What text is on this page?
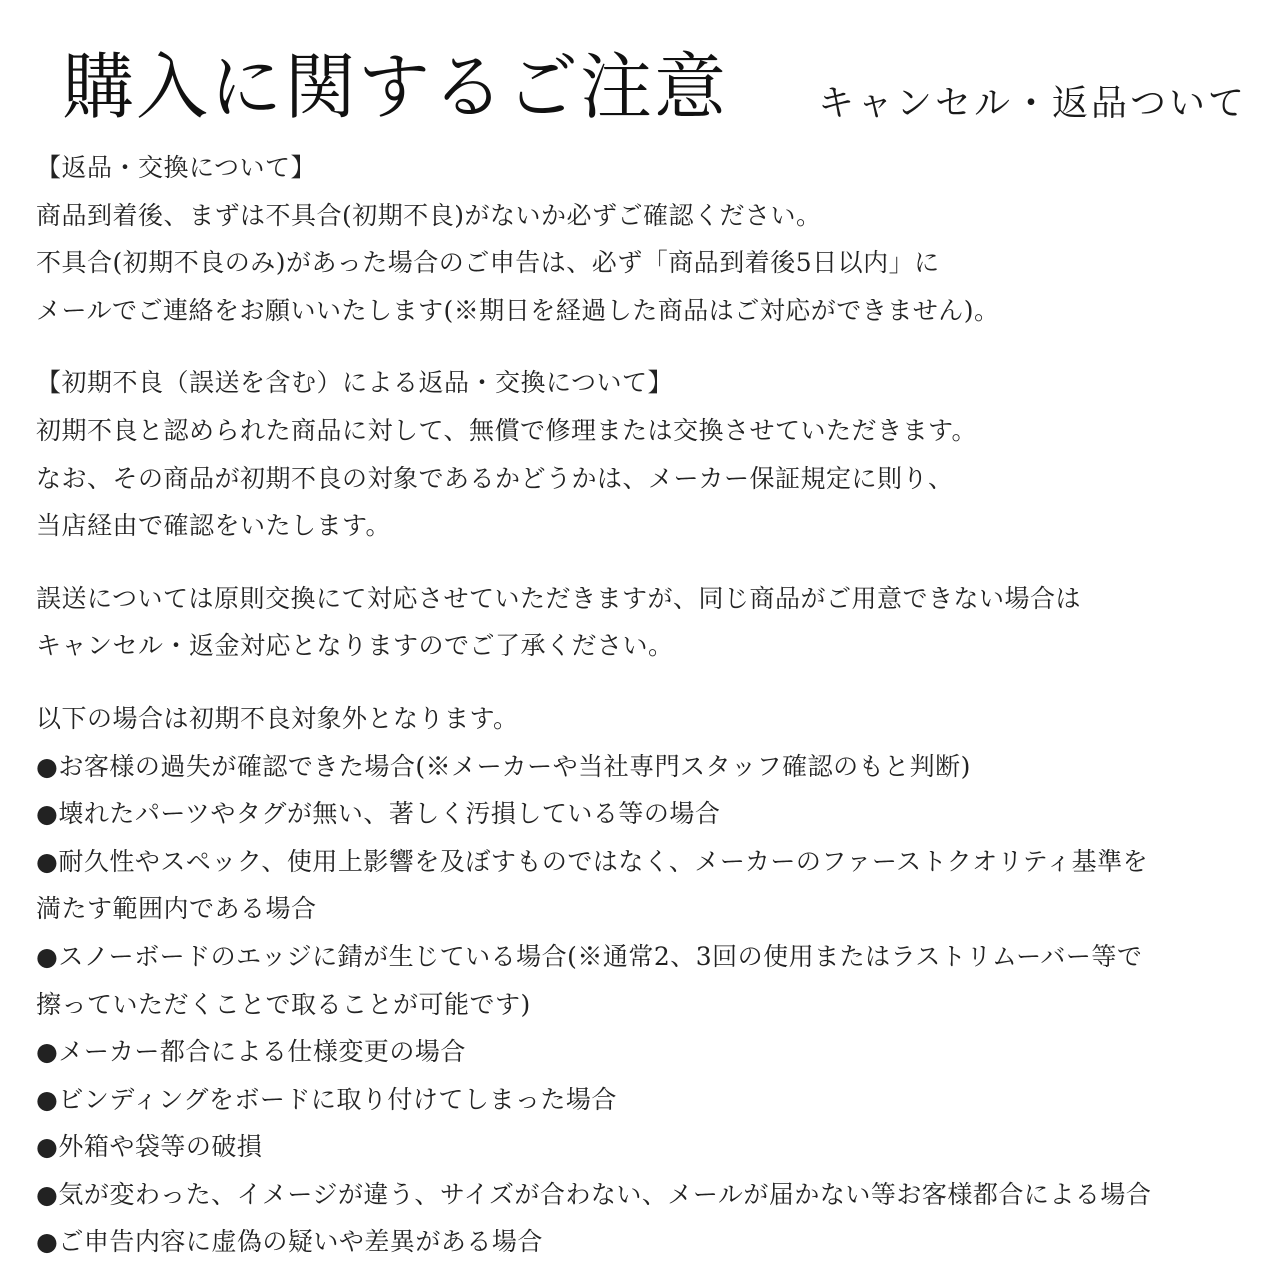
購入に関するご注意 キャンセル・返品ついて
【返品・交換について】
商品到着後、まずは不具合(初期不良)がないか必ずご確認ください。
不具合(初期不良のみ)があった場合のご申告は、必ず「商品到着後5日以内」に
メールでご連絡をお願いいたします(※期日を経過した商品はご対応ができません)。
【初期不良（誤送を含む）による返品・交換について】
初期不良と認められた商品に対して、無償で修理または交換させていただきます。
なお、その商品が初期不良の対象であるかどうかは、メーカー保証規定に則り、
当店経由で確認をいたします。
誤送については原則交換にて対応させていただきますが、同じ商品がご用意できない場合は
キャンセル・返金対応となりますのでご了承ください。
以下の場合は初期不良対象外となります。
●お客様の過失が確認できた場合(※メーカーや当社専門スタッフ確認のもと判断)
●壊れたパーツやタグが無い、著しく汚損している等の場合
●耐久性やスペック、使用上影響を及ぼすものではなく、メーカーのファーストクオリティ基準を
満たす範囲内である場合
●スノーボードのエッジに錆が生じている場合(※通常2、3回の使用またはラストリムーバー等で
擦っていただくことで取ることが可能です)
●メーカー都合による仕様変更の場合
●ビンディングをボードに取り付けてしまった場合
●外箱や袋等の破損
●気が変わった、イメージが違う、サイズが合わない、メールが届かない等お客様都合による場合
●ご申告内容に虚偽の疑いや差異がある場合
